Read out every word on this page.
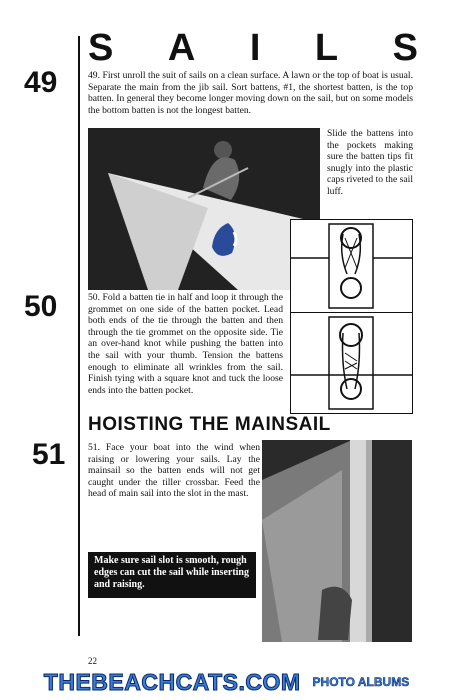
S A I L S
49
50
51
49. First unroll the suit of sails on a clean surface. A lawn or the top of boat is usual. Separate the main from the jib sail. Sort battens, #1, the shortest batten, is the top batten. In general they become longer moving down on the sail, but on some models the bottom batten is not the longest batten.
Slide the battens into the pockets making sure the batten tips fit snugly into the plastic caps riveted to the sail luff.
50. Fold a batten tie in half and loop it through the grommet on one side of the batten pocket. Lead both ends of the tie through the batten and then through the tie grommet on the opposite side. Tie an over-hand knot while pushing the batten into the sail with your thumb. Tension the battens enough to eliminate all wrinkles from the sail. Finish tying with a square knot and tuck the loose ends into the batten pocket.
HOISTING THE MAINSAIL
51. Face your boat into the wind when raising or lowering your sails. Lay the mainsail so the batten ends will not get caught under the tiller crossbar. Feed the head of main sail into the slot in the mast.
Make sure sail slot is smooth, rough edges can cut the sail while inserting and raising.
22
THEBEACHCATS.COM PHOTO ALBUMS
